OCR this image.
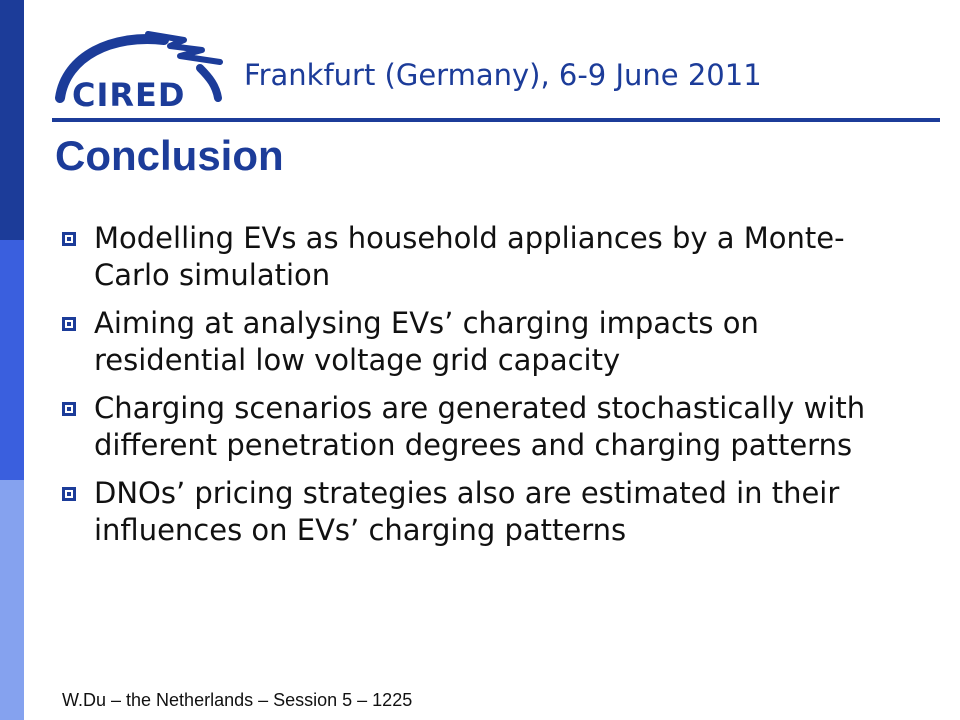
CIRED
Frankfurt (Germany), 6-9 June 2011
Conclusion
Modelling EVs as household appliances by a Monte-Carlo simulation
Aiming at analysing EVs’ charging impacts on residential low voltage grid capacity
Charging scenarios are generated stochastically with different penetration degrees and charging patterns
DNOs’ pricing strategies also are estimated in their influences on EVs’ charging patterns
W.Du – the Netherlands – Session 5 – 1225
